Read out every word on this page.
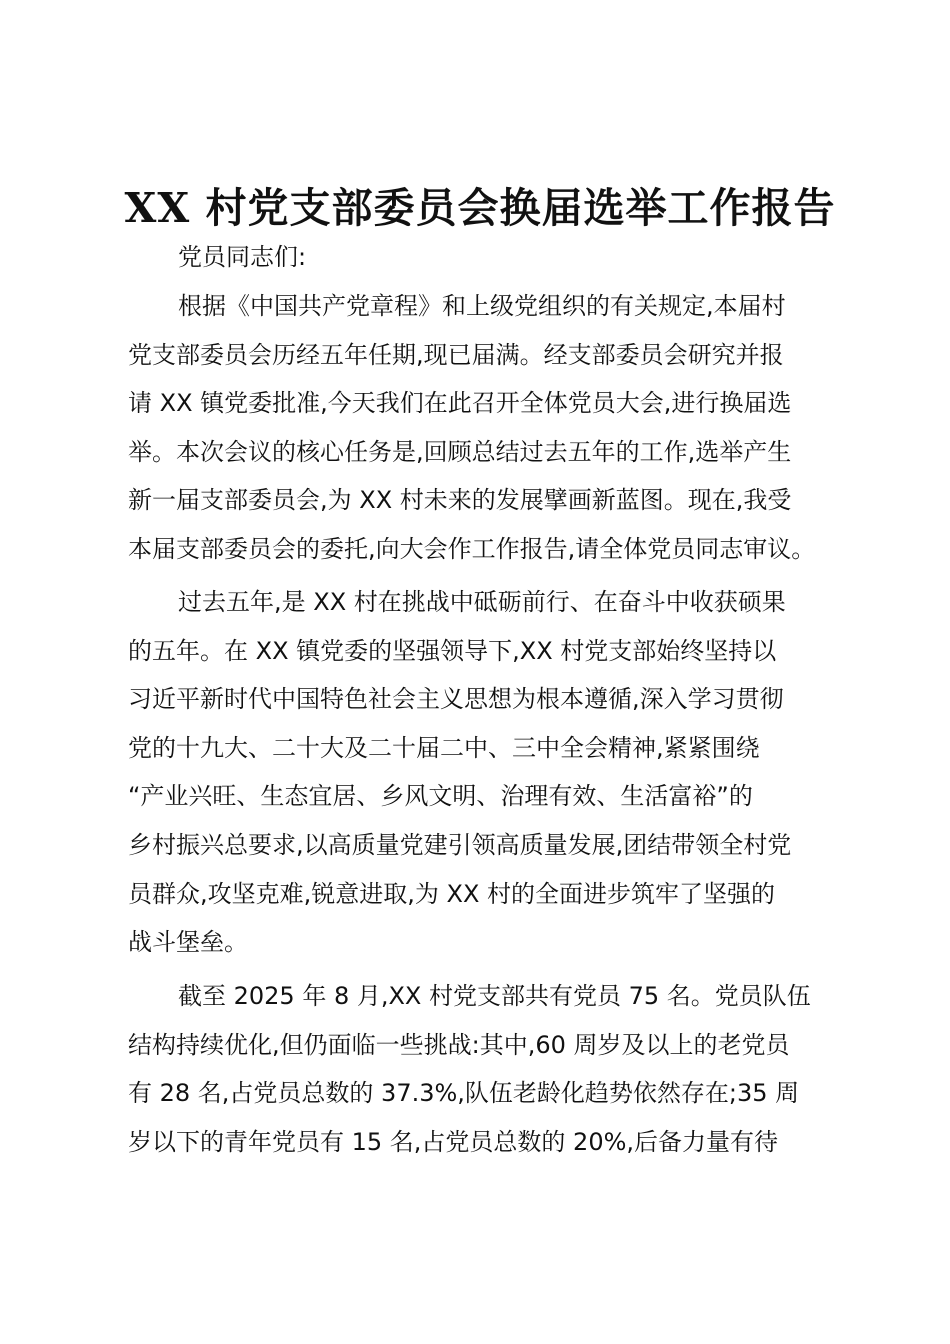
XX 村党支部委员会换届选举工作报告
党员同志们:
根据《中国共产党章程》和上级党组织的有关规定,本届村
党支部委员会历经五年任期,现已届满。经支部委员会研究并报
请 XX 镇党委批准,今天我们在此召开全体党员大会,进行换届选
举。本次会议的核心任务是,回顾总结过去五年的工作,选举产生
新一届支部委员会,为 XX 村未来的发展擘画新蓝图。现在,我受
本届支部委员会的委托,向大会作工作报告,请全体党员同志审议。
过去五年,是 XX 村在挑战中砥砺前行、在奋斗中收获硕果
的五年。在 XX 镇党委的坚强领导下,XX 村党支部始终坚持以
习近平新时代中国特色社会主义思想为根本遵循,深入学习贯彻
党的十九大、二十大及二十届二中、三中全会精神,紧紧围绕
“产业兴旺、生态宜居、乡风文明、治理有效、生活富裕”的
乡村振兴总要求,以高质量党建引领高质量发展,团结带领全村党
员群众,攻坚克难,锐意进取,为 XX 村的全面进步筑牢了坚强的
战斗堡垒。
截至 2025 年 8 月,XX 村党支部共有党员 75 名。党员队伍
结构持续优化,但仍面临一些挑战:其中,60 周岁及以上的老党员
有 28 名,占党员总数的 37.3%,队伍老龄化趋势依然存在;35 周
岁以下的青年党员有 15 名,占党员总数的 20%,后备力量有待
